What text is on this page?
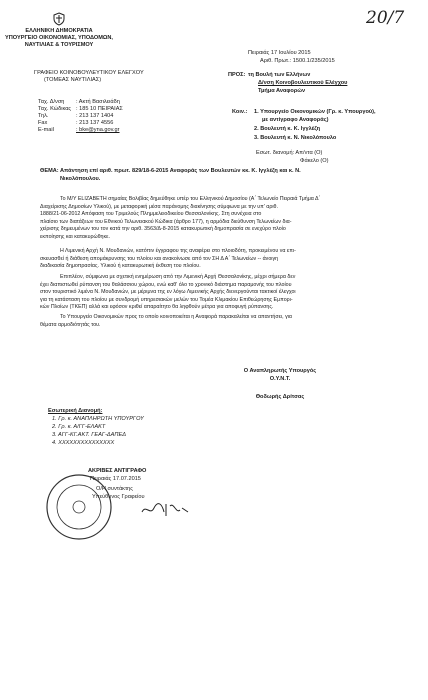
20/7
ΕΛΛΗΝΙΚΗ ΔΗΜΟΚΡΑΤΙΑ
ΥΠΟΥΡΓΕΙΟ ΟΙΚΟΝΟΜΙΑΣ, ΥΠΟΔΟΜΩΝ,
ΝΑΥΤΙΛΙΑΣ & ΤΟΥΡΙΣΜΟΥ
ΓΡΑΦΕΙΟ ΚΟΙΝΟΒΟΥΛΕΥΤΙΚΟΥ ΕΛΕΓΧΟΥ
(ΤΟΜΕΑΣ ΝΑΥΤΙΛΙΑΣ)
Ταχ. Δ/νση : Ακτή Βασιλειάδη
Ταχ. Κώδικας : 185 10 ΠΕΙΡΑΙΑΣ
Τηλ.	: 213 137 1404
Fax	: 213 137 4556
E-mail	: bke@yna.gov.gr
Πειραιάς 17 Ιουλίου 2015
Αριθ. Πρωτ.: 1500.1/235/2015
ΠΡΟΣ: τη Βουλή των Ελλήνων
Δ/νση Κοινοβουλευτικού Ελέγχου
Τμήμα Αναφορών
Κοιν.: 1. Υπουργείο Οικονομικών (Γρ. κ. Υπουργού),
με αντίγραφο Αναφοράς)
2. Βουλευτή κ. Κ. Ιγγλέζη
3. Βουλευτή κ. Ν. Νικολόπουλο
Εσωτ. διανομή: Απ/ντα (Ο)
Φάκελο (Ο)
ΘΕΜΑ: Απάντηση επί αριθ. πρωτ. 829/18-6-2015 Αναφοράς των Βουλευτών κκ. Κ. Ιγγλέζη και κ. Ν.
Νικολόπουλου.
Το Μ/Υ ELIZABETH σημαίας Βολιβίας δημεύθηκε υπέρ του Ελληνικού Δημοσίου (Α΄ Τελωνείο Πειραιά Τμήμα Δ΄
Διαχείρισης Δημοσίων Υλικού), με μεταφορική μέσα παράνομης διακίνησης σύμφωνα με την υπ' αριθ.
1888/21-06-2012 Απόφαση του Τριμελούς Πλημμελειοδικείου Θεσσαλονίκης. Στη συνέχεια στο
πλαίσιο των διατάξεων του Εθνικού Τελωνειακού Κώδικα (άρθρο 177), η αρμόδια διεύθυνση Τελωνείων δια-
χείρισης δημευμένων του τον κατά την αριθ. 3563/Δ-8-2015 κατακυρωτική δημοπρασία σε ενεχύρο πλοίο
εκποίησης και κατακυρώθηκε.
Η Λιμενική Αρχή Ν. Μουδανιών, κατόπιν έγγραφου της αναφέρει στο πλοιοδότη, προκειμένου να επι-
σκευασθεί ή διάθεση απομάκρυνσης του πλοίου και ανακοίνωσε από τον ΣΗ Δ Α΄ Τελωνείων -- άνοιγη
διαδικασία δημοπρασίας. Υλικού ή κατακυρωτική έκθεση του πλοίου.
Επιπλέον, σύμφωνα με σχετική ενημέρωση από την Λιμενική Αρχή Θεσσαλονίκης, μέχρι σήμερα δεν
έχει διαπιστωθεί ρύπανση του θαλάσσιου χώρου, ενώ καθ' όλο το χρονικό διάστημα παραμονής του πλοίου
στον τουριστικό λιμένα Ν. Μουδανιών, με μέριμνα της εν λόγω Λιμενικής Αρχής διενεργούνται τακτικοί έλεγχοι
για τη κατάσταση του πλοίου με συνδρομή υπηρεσιακών μελών του Τομέα Κλιμακίου Επιθεώρησης Εμπορι-
κών Πλοίων (ΤΚΕΠ) αλλά και εφόσον κριθεί απαραίτητο θα ληφθούν μέτρα για αποφυγή ρύπανσης.
Το Υπουργείο Οικονομικών προς το οποίο κοινοποιείται η Αναφορά παρακαλείται να απαντήσει, για
θέματα αρμοδιότητάς του.
Ο Αναπληρωτής Υπουργός
Ο.Υ.Ν.Τ.
Θοδωρής Δρίτσας
Εσωτερική Διανομή:
1. Γρ. κ. ΑΝΑΠΛΗΡΩΤΗ ΥΠΟΥΡΓΟΥ
2. Γρ. κ. Α/ΓΓ-ΕΛΑΚΤ
3. ΑΓΓ-ΚΓ.ΑΚΤ. ΓΕΑΓ-ΔΑΠΕΔ
4. ΧΧΧΧΧΧΧΧΧΧΧΧΧΧΧ
ΑΚΡΙΒΕΣ ΑΝΤΙΓΡΑΦΟ
Πειραιάς 17.07.2015
Ο/Η συντάκτης
Υπεύθυνος Γραφείου
